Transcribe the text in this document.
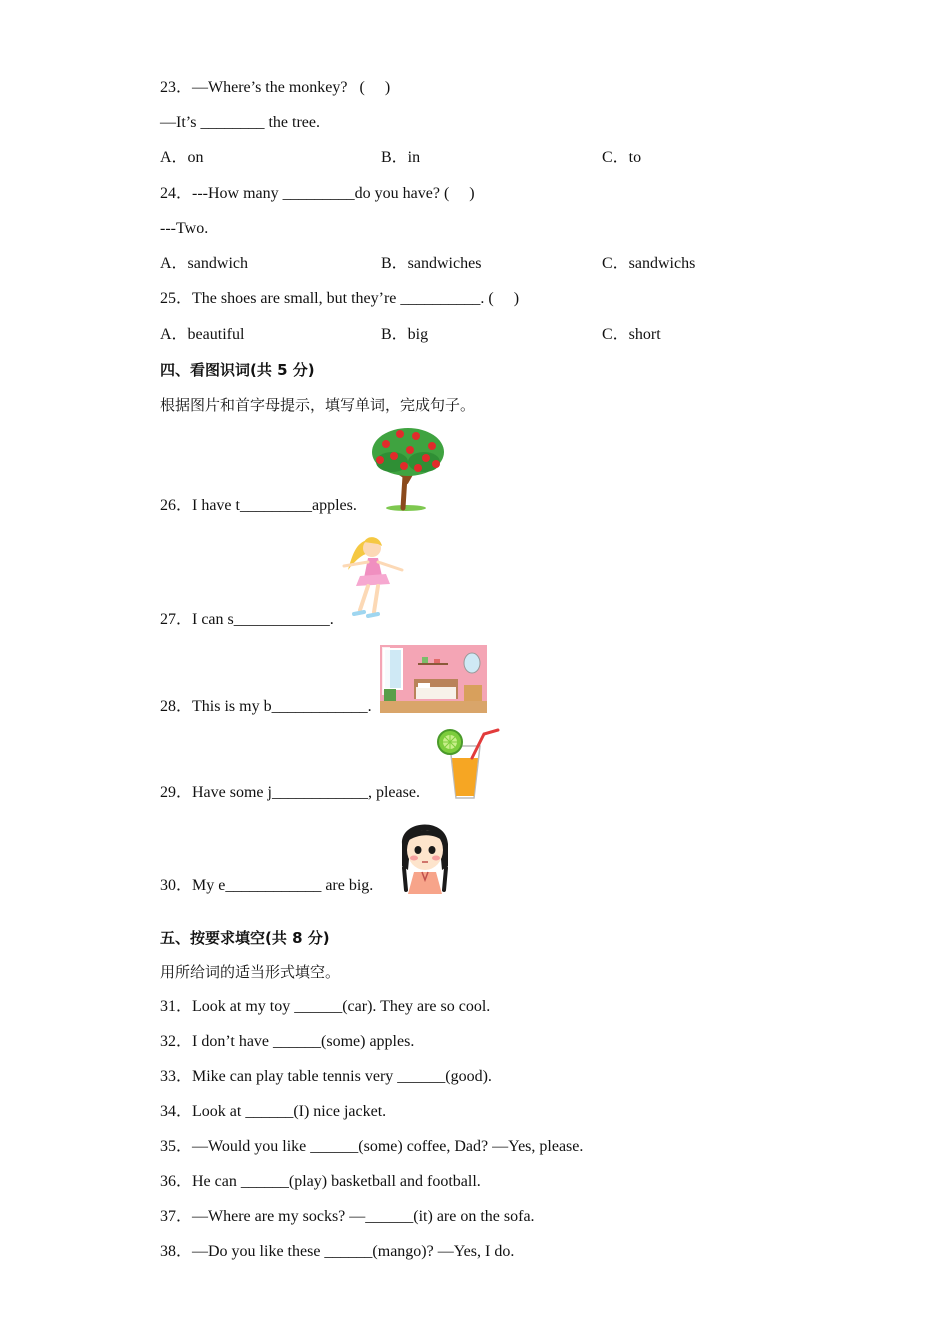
23．—Where’s the monkey?   (     )
—It’s ________ the tree.
A．on	B．in	C．to
24．---How many _________do you have? (     )
---Two.
A．sandwich	B．sandwiches	C．sandwichs
25．The shoes are small, but they’re __________. (     )
A．beautiful	B．big	C．short
四、看图识词(共 5 分)
根据图片和首字母提示，填写单词，完成句子。
26．I have t_________apples.
27．I can s____________.
28．This is my b____________.
29．Have some j____________, please.
30．My e____________ are big.
五、按要求填空(共 8 分)
用所给词的适当形式填空。
31．Look at my toy ______(car). They are so cool.
32．I don’t have ______(some) apples.
33．Mike can play table tennis very ______(good).
34．Look at ______(I) nice jacket.
35．—Would you like ______(some) coffee, Dad? —Yes, please.
36．He can ______(play) basketball and football.
37．—Where are my socks? —______(it) are on the sofa.
38．—Do you like these ______(mango)? —Yes, I do.
